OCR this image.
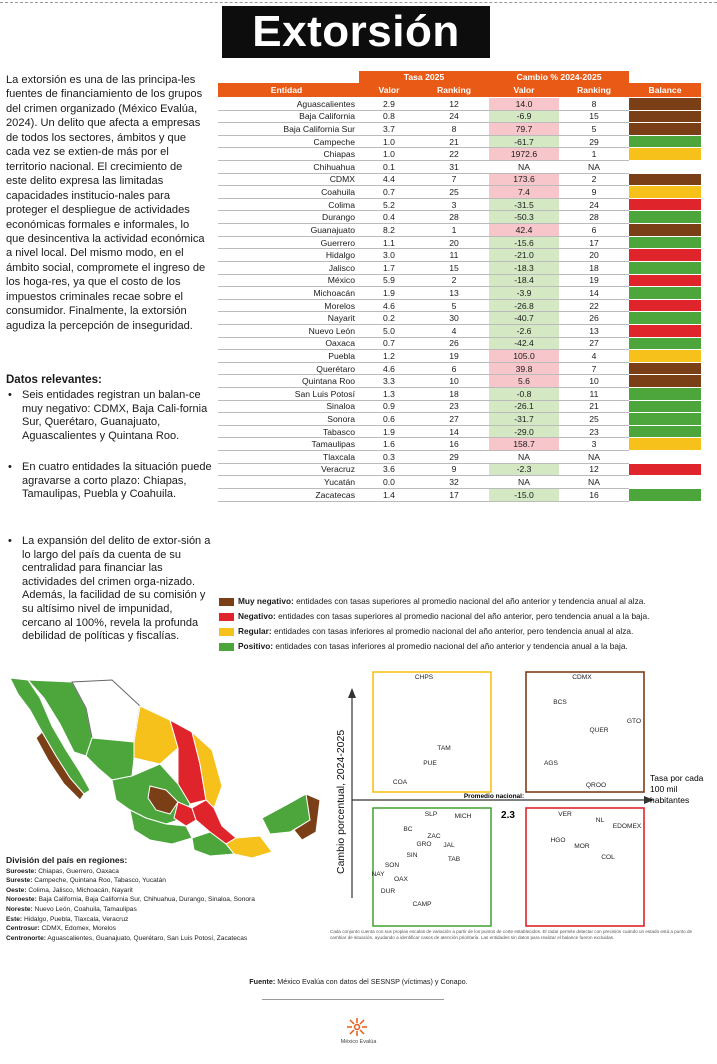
Extorsión

La extorsión es una de las principa-les fuentes de financiamiento de los grupos del crimen organizado (México Evalúa, 2024). Un delito que afecta a empresas de todos los sectores, ámbitos y que cada vez se extien-de más por el territorio nacional. El crecimiento de este delito expresa las limitadas capacidades institucio-nales para proteger el despliegue de actividades económicas formales e informales, lo que desincentiva la actividad económica a nivel local. Del mismo modo, en el ámbito social, compromete el ingreso de los hoga-res, ya que el costo de los impuestos criminales recae sobre el consumidor. Finalmente, la extorsión agudiza la percepción de inseguridad.

Datos relevantes:

• Seis entidades registran un balan-ce muy negativo: CDMX, Baja Cali-fornia Sur, Querétaro, Guanajuato, Aguascalientes y Quintana Roo.

• En cuatro entidades la situación puede agravarse a corto plazo: Chiapas, Tamaulipas, Puebla y Coahuila.

• La expansión del delito de extor-sión a lo largo del país da cuenta de su centralidad para financiar las actividades del crimen orga-nizado. Además, la facilidad de su comisión y su altísimo nivel de impunidad, cercano al 100%, revela la profunda debilidad de políticas y fiscalías.

	Tasa 2025		Cambio % 2024-2025		
Entidad	Valor	Ranking	Valor	Ranking	Balance
Aguascalientes	2.9	12	14.0	8	
Baja California	0.8	24	-6.9	15	
Baja California Sur	3.7	8	79.7	5	
Campeche	1.0	21	-61.7	29	
Chiapas	1.0	22	1972.6	1	
Chihuahua	0.1	31	NA	NA	
CDMX	4.4	7	173.6	2	
Coahuila	0.7	25	7.4	9	
Colima	5.2	3	-31.5	24	
Durango	0.4	28	-50.3	28	
Guanajuato	8.2	1	42.4	6	
Guerrero	1.1	20	-15.6	17	
Hidalgo	3.0	11	-21.0	20	
Jalisco	1.7	15	-18.3	18	
México	5.9	2	-18.4	19	
Michoacán	1.9	13	-3.9	14	
Morelos	4.6	5	-26.8	22	
Nayarit	0.2	30	-40.7	26	
Nuevo León	5.0	4	-2.6	13	
Oaxaca	0.7	26	-42.4	27	
Puebla	1.2	19	105.0	4	
Querétaro	4.6	6	39.8	7	
Quintana Roo	3.3	10	5.6	10	
San Luis Potosí	1.3	18	-0.8	11	
Sinaloa	0.9	23	-26.1	21	
Sonora	0.6	27	-31.7	25	
Tabasco	1.9	14	-29.0	23	
Tamaulipas	1.6	16	158.7	3	
Tlaxcala	0.3	29	NA	NA	
Veracruz	3.6	9	-2.3	12	
Yucatán	0.0	32	NA	NA	
Zacatecas	1.4	17	-15.0	16	

Muy negativo: entidades con tasas superiores al promedio nacional del año anterior y tendencia anual al alza.

Negativo: entidades con tasas superiores al promedio nacional del año anterior, pero tendencia anual a la baja.

Regular: entidades con tasas inferiores al promedio nacional del año anterior, pero tendencia anual al alza.

Positivo: entidades con tasas inferiores al promedio nacional del año anterior y tendencia anual a la baja.

División del país en regiones:
Suroeste: Chiapas, Guerrero, Oaxaca
Sureste: Campeche, Quintana Roo, Tabasco, Yucatán
Oeste: Colima, Jalisco, Michoacán, Nayarit
Noroeste: Baja California, Baja California Sur, Chihuahua, Durango, Sinaloa, Sonora
Noreste: Nuevo León, Coahuila, Tamaulipas
Este: Hidalgo, Puebla, Tlaxcala, Veracruz
Centrosur: CDMX, Edomex, Morelos
Centronorte: Aguascalientes, Guanajuato, Querétaro, San Luis Potosí, Zacatecas
Cambio porcentual, 2024-2025	Promedio nacional:
2.3
Tasa por cada
100 mil
habitantes
CHPS
TAM
PUE
COA
CDMX
BCS
GTO
QUER
AGS
QROO
SLP	MICH
BC
ZAC
GRO JAL
SIN
TAB
SON
NAY
OAX
DUR
CAMP
VER
NL
EDOMEX
HGO
MOR
COL

Cada conjunto cuenta con sus propias escalas de variación a partir de los puntos de corte establecidos. El radar permite detectar con precisión cuándo un estado está a punto de cambiar de situación, ayudando a identificar casos de atención prioritaria. Las entidades sin datos para realizar el balance fueron excluidas.

Fuente: México Evalúa con datos del SESNSP (víctimas) y Conapo.

México Evalúa
